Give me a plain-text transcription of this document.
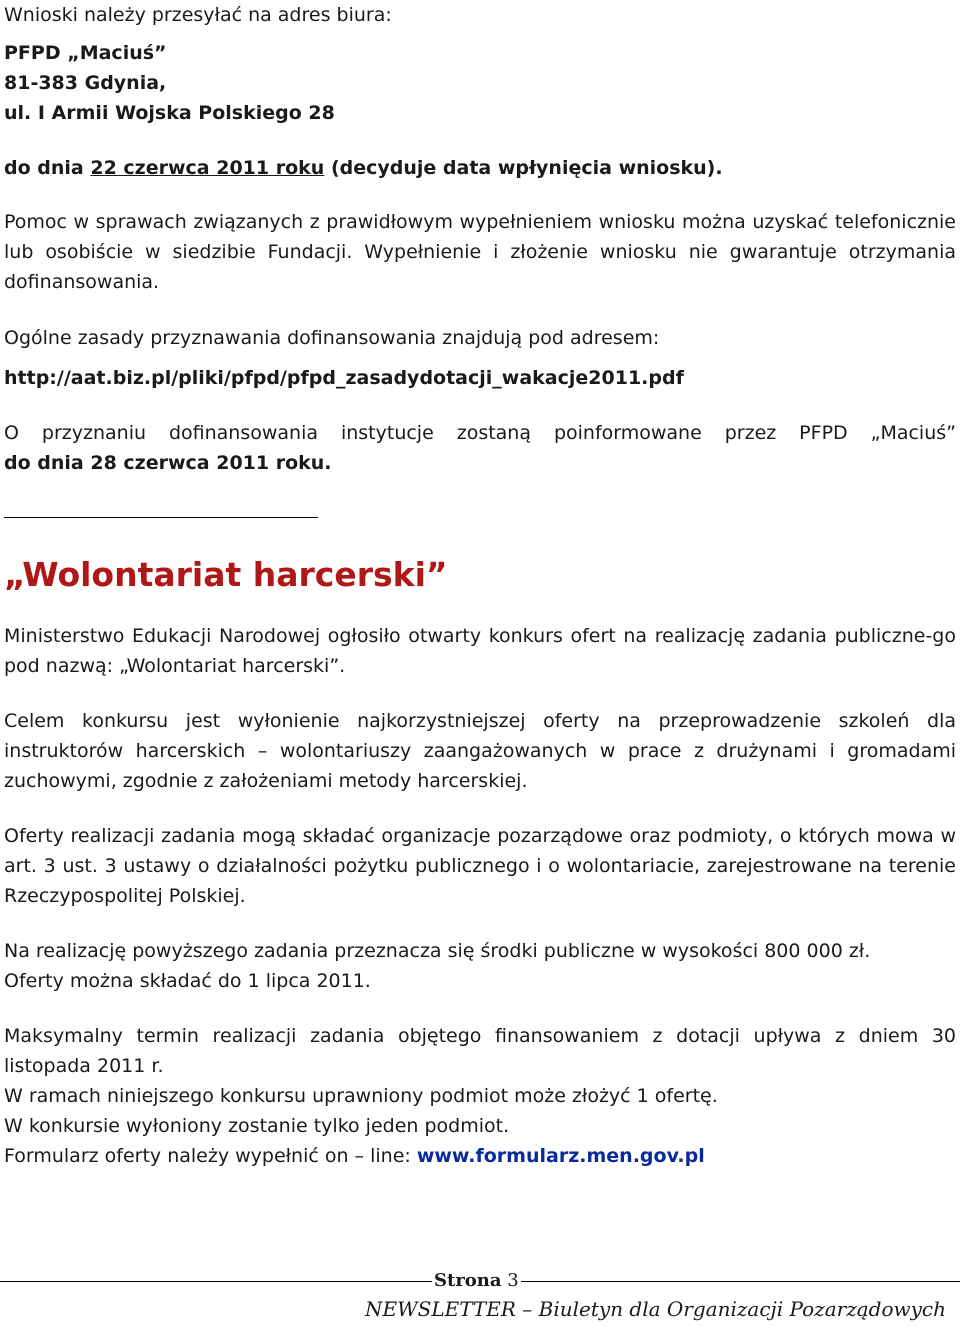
Wnioski należy przesyłać na adres biura:

PFPD „Maciuś”

81-383 Gdynia,

ul. I Armii Wojska Polskiego 28

do dnia 22 czerwca 2011 roku (decyduje data wpłynięcia wniosku).

Pomoc w sprawach związanych z prawidłowym wypełnieniem wniosku można uzyskać telefonicznie lub osobiście w siedzibie Fundacji. Wypełnienie i złożenie wniosku nie gwarantuje otrzymania dofinansowania.

Ogólne zasady przyznawania dofinansowania znajdują pod adresem:

http://aat.biz.pl/pliki/pfpd/pfpd_zasadydotacji_wakacje2011.pdf

O przyznaniu dofinansowania instytucje zostaną poinformowane przez PFPD „Maciuś”

do dnia 28 czerwca 2011 roku.

„Wolontariat harcerski”

Ministerstwo Edukacji Narodowej ogłosiło otwarty konkurs ofert na realizację zadania publiczne-go pod nazwą: „Wolontariat harcerski”.

Celem konkursu jest wyłonienie najkorzystniejszej oferty na przeprowadzenie szkoleń dla instruktorów harcerskich – wolontariuszy zaangażowanych w prace z drużynami i gromadami zuchowymi, zgodnie z założeniami metody harcerskiej.

Oferty realizacji zadania mogą składać organizacje pozarządowe oraz podmioty, o których mowa w art. 3 ust. 3 ustawy o działalności pożytku publicznego i o wolontariacie, zarejestrowane na terenie Rzeczypospolitej Polskiej.

Na realizację powyższego zadania przeznacza się środki publiczne w wysokości 800 000 zł.

Oferty można składać do 1 lipca 2011.

Maksymalny termin realizacji zadania objętego finansowaniem z dotacji upływa z dniem 30 listopada 2011 r.

W ramach niniejszego konkursu uprawniony podmiot może złożyć 1 ofertę.

W konkursie wyłoniony zostanie tylko jeden podmiot.

Formularz oferty należy wypełnić on – line: www.formularz.men.gov.pl

Strona 3

NEWSLETTER – Biuletyn dla Organizacji Pozarządowych
